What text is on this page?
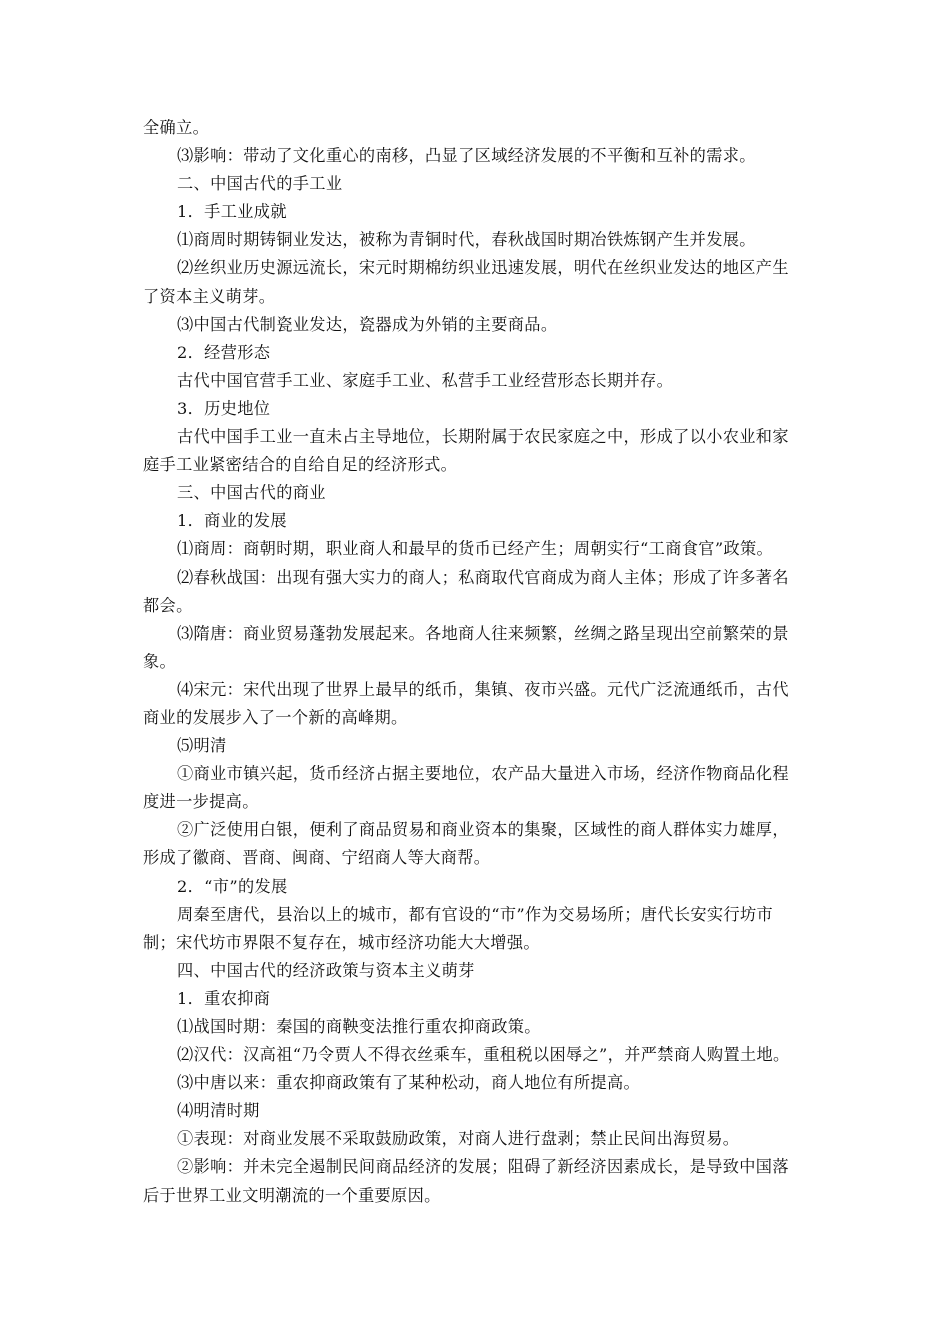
全确立。
⑶影响：带动了文化重心的南移，凸显了区域经济发展的不平衡和互补的需求。
二、中国古代的手工业
1．手工业成就
⑴商周时期铸铜业发达，被称为青铜时代，春秋战国时期冶铁炼钢产生并发展。
⑵丝织业历史源远流长，宋元时期棉纺织业迅速发展，明代在丝织业发达的地区产生
了资本主义萌芽。
⑶中国古代制瓷业发达，瓷器成为外销的主要商品。
2．经营形态
古代中国官营手工业、家庭手工业、私营手工业经营形态长期并存。
3．历史地位
古代中国手工业一直未占主导地位，长期附属于农民家庭之中，形成了以小农业和家
庭手工业紧密结合的自给自足的经济形式。
三、中国古代的商业
1．商业的发展
⑴商周：商朝时期，职业商人和最早的货币已经产生；周朝实行“工商食官”政策。
⑵春秋战国：出现有强大实力的商人；私商取代官商成为商人主体；形成了许多著名
都会。
⑶隋唐：商业贸易蓬勃发展起来。各地商人往来频繁，丝绸之路呈现出空前繁荣的景
象。
⑷宋元：宋代出现了世界上最早的纸币，集镇、夜市兴盛。元代广泛流通纸币，古代
商业的发展步入了一个新的高峰期。
⑸明清
①商业市镇兴起，货币经济占据主要地位，农产品大量进入市场，经济作物商品化程
度进一步提高。
②广泛使用白银，便利了商品贸易和商业资本的集聚，区域性的商人群体实力雄厚，
形成了徽商、晋商、闽商、宁绍商人等大商帮。
2．“市”的发展
周秦至唐代，县治以上的城市，都有官设的“市”作为交易场所；唐代长安实行坊市
制；宋代坊市界限不复存在，城市经济功能大大增强。
四、中国古代的经济政策与资本主义萌芽
1．重农抑商
⑴战国时期：秦国的商鞅变法推行重农抑商政策。
⑵汉代：汉高祖“乃令贾人不得衣丝乘车，重租税以困辱之”，并严禁商人购置土地。
⑶中唐以来：重农抑商政策有了某种松动，商人地位有所提高。
⑷明清时期
①表现：对商业发展不采取鼓励政策，对商人进行盘剥；禁止民间出海贸易。
②影响：并未完全遏制民间商品经济的发展；阻碍了新经济因素成长，是导致中国落
后于世界工业文明潮流的一个重要原因。
